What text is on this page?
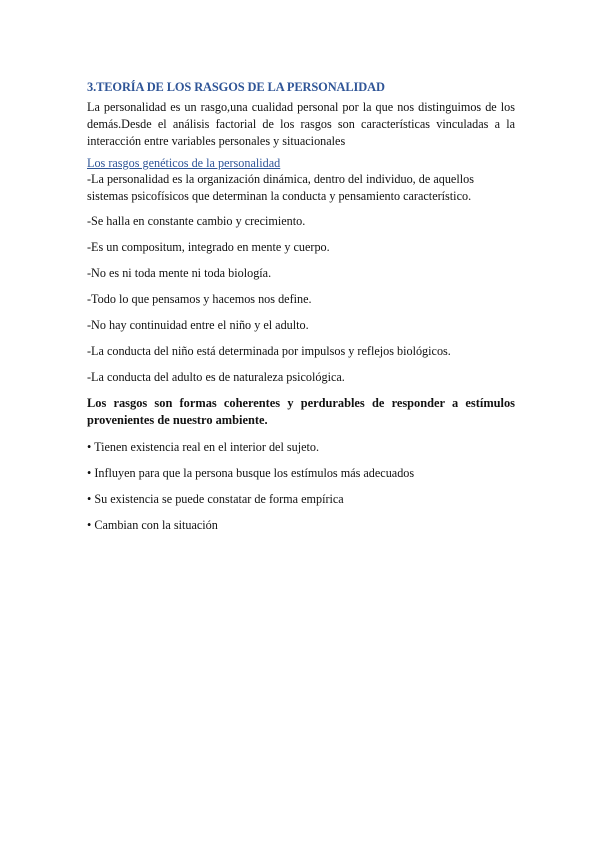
3.TEORÍA DE LOS RASGOS DE LA PERSONALIDAD

La personalidad es un rasgo,una cualidad personal por la que nos distinguimos de los demás.Desde el análisis factorial de los rasgos son características vinculadas a la interacción entre variables personales y situacionales

Los rasgos genéticos de la personalidad

-La personalidad es la organización dinámica, dentro del individuo, de aquellos sistemas psicofísicos que determinan la conducta y pensamiento característico.

-Se halla en constante cambio y crecimiento.

-Es un compositum, integrado en mente y cuerpo.

-No es ni toda mente ni toda biología.

-Todo lo que pensamos y hacemos nos define.

-No hay continuidad entre el niño y el adulto.

-La conducta del niño está determinada por impulsos y reflejos biológicos.

-La conducta del adulto es de naturaleza psicológica.

Los rasgos son formas coherentes y perdurables de responder a estímulos provenientes de nuestro ambiente.

• Tienen existencia real en el interior del sujeto.

• Influyen para que la persona busque los estímulos más adecuados

• Su existencia se puede constatar de forma empírica

• Cambian con la situación
